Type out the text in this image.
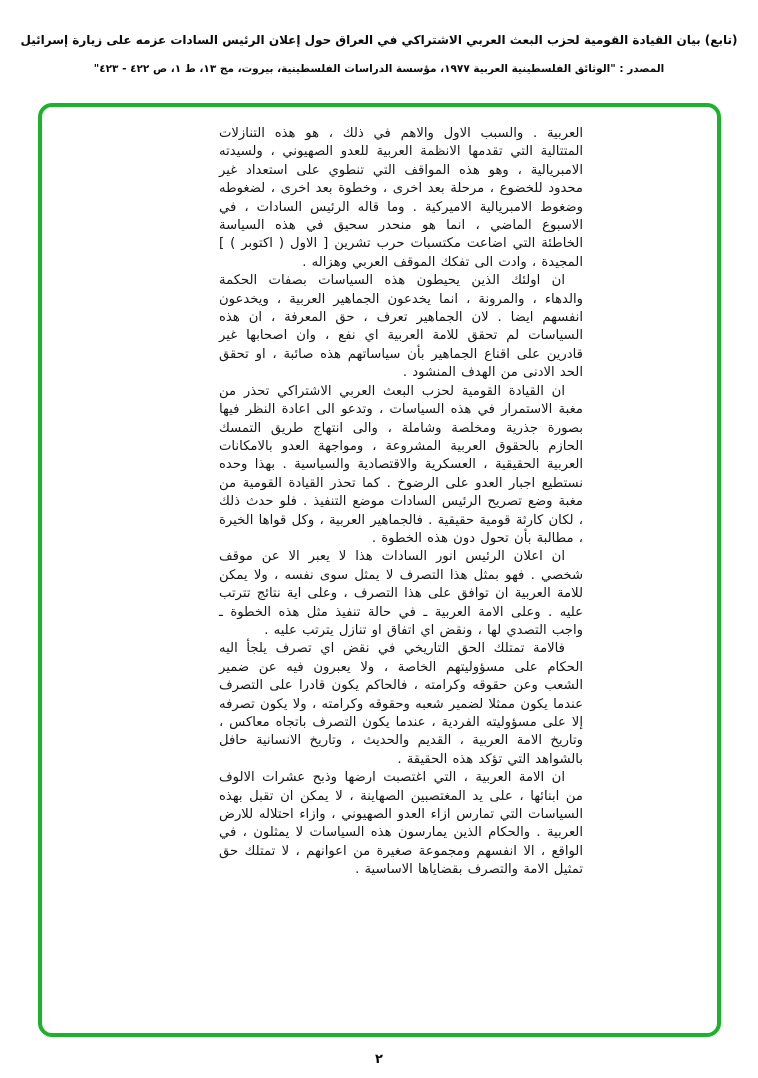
(تابع) بيان القيادة القومية لحزب البعث العربي الاشتراكي في العراق حول إعلان الرئيس السادات عزمه على زيارة إسرائيل
المصدر : "الوثائق الفلسطينية العربية ١٩٧٧، مؤسسة الدراسات الفلسطينية، بيروت، مج ١٣، ط ١، ص ٤٢٢ - ٤٢٣"

العربية . والسبب الاول والاهم في ذلك ، هو هذه التنازلات المتتالية التي تقدمها الانظمة العربية للعدو الصهيوني ، ولسيدته الامبريالية ، وهو هذه المواقف التي تنطوي على استعداد غير محدود للخضوع ، مرحلة بعد اخرى ، وخطوة بعد اخرى ، لضغوطه وضغوط الامبريالية الاميركية . وما قاله الرئيس السادات ، في الاسبوع الماضي ، انما هو منحدر سحيق في هذه السياسة الخاطئة التي اضاعت مكتسبات حرب تشرين [ الاول ( اكتوبر ) ] المجيدة ، وادت الى تفكك الموقف العربي وهزاله .

ان اولئك الذين يحيطون هذه السياسات بصفات الحكمة والدهاء ، والمرونة ، انما يخدعون الجماهير العربية ، ويخدعون انفسهم ايضا . لان الجماهير تعرف ، حق المعرفة ، ان هذه السياسات لم تحقق للامة العربية اي نفع ، وان اصحابها غير قادرين على اقناع الجماهير بأن سياساتهم هذه صائبة ، او تحقق الحد الادنى من الهدف المنشود .

ان القيادة القومية لحزب البعث العربي الاشتراكي تحذر من مغبة الاستمرار في هذه السياسات ، وتدعو الى اعادة النظر فيها بصورة جذرية ومخلصة وشاملة ، والى انتهاج طريق التمسك الحازم بالحقوق العربية المشروعة ، ومواجهة العدو بالامكانات العربية الحقيقية ، العسكرية والاقتصادية والسياسية . بهذا وحده نستطيع اجبار العدو على الرضوخ . كما تحذر القيادة القومية من مغبة وضع تصريح الرئيس السادات موضع التنفيذ . فلو حدث ذلك ، لكان كارثة قومية حقيقية . فالجماهير العربية ، وكل قواها الخيرة ، مطالبة بأن تحول دون هذه الخطوة .

ان اعلان الرئيس انور السادات هذا لا يعبر الا عن موقف شخصي . فهو بمثل هذا التصرف لا يمثل سوى نفسه ، ولا يمكن للامة العربية ان توافق على هذا التصرف ، وعلى اية نتائج تترتب عليه . وعلى الامة العربية ـ في حالة تنفيذ مثل هذه الخطوة ـ واجب التصدي لها ، ونقض اي اتفاق او تنازل يترتب عليه .

فالامة تمتلك الحق التاريخي في نقض اي تصرف يلجأ اليه الحكام على مسؤوليتهم الخاصة ، ولا يعبرون فيه عن ضمير الشعب وعن حقوقه وكرامته ، فالحاكم يكون قادرا على التصرف عندما يكون ممثلا لضمير شعبه وحقوقه وكرامته ، ولا يكون تصرفه إلا على مسؤوليته الفردية ، عندما يكون التصرف باتجاه معاكس ، وتاريخ الامة العربية ، القديم والحديث ، وتاريخ الانسانية حافل بالشواهد التي تؤكد هذه الحقيقة .

ان الامة العربية ، التي اغتصبت ارضها وذبح عشرات الالوف من ابنائها ، على يد المغتصبين الصهاينة ، لا يمكن ان تقبل بهذه السياسات التي تمارس ازاء العدو الصهيوني ، وازاء احتلاله للارض العربية . والحكام الذين يمارسون هذه السياسات لا يمثلون ، في الواقع ، الا انفسهم ومجموعة صغيرة من اعوانهم ، لا تمتلك حق تمثيل الامة والتصرف بقضاياها الاساسية .

٢
